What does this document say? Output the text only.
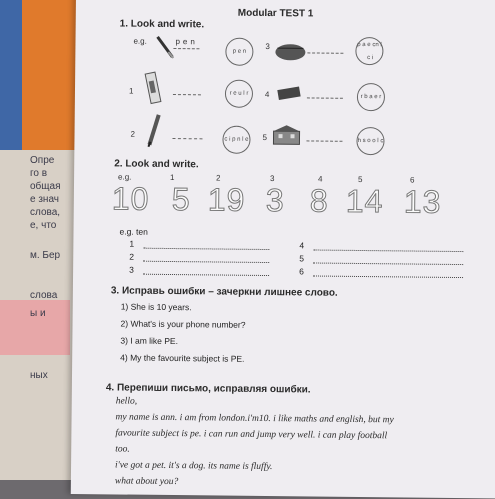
Опре
го в
общая
е знач
слова,
е, что
м. Бер
слова
ы и
ных
Modular TEST 1
1. Look and write.
e.g.	pen
p
e
n
3	p
a
e
c n
l

c
i
1	r
e
u
l
r 4	r
b
a
e
r
2
c
i
p
n
l
e 5	h
s
o
o
l
c
2. Look and write.
e.g.	1	2	3	4	5	6
10 5 19 3 8 14 13
e.g. ten
1
2
3
4
5
6
3. Исправь ошибки – зачеркни лишнее слово.
1) She is 10 years.
2) What's is your phone number?
3) I am like PE.
4) My the favourite subject is PE.
4. Перепиши письмо, исправляя ошибки.
hello,
my name is ann. i am from london.i'm10. i like maths and english, but my
favourite subject is pe. i can run and jump very well. i can play football
too.
i've got a pet. it's a dog. its name is fluffy.
what about you?
